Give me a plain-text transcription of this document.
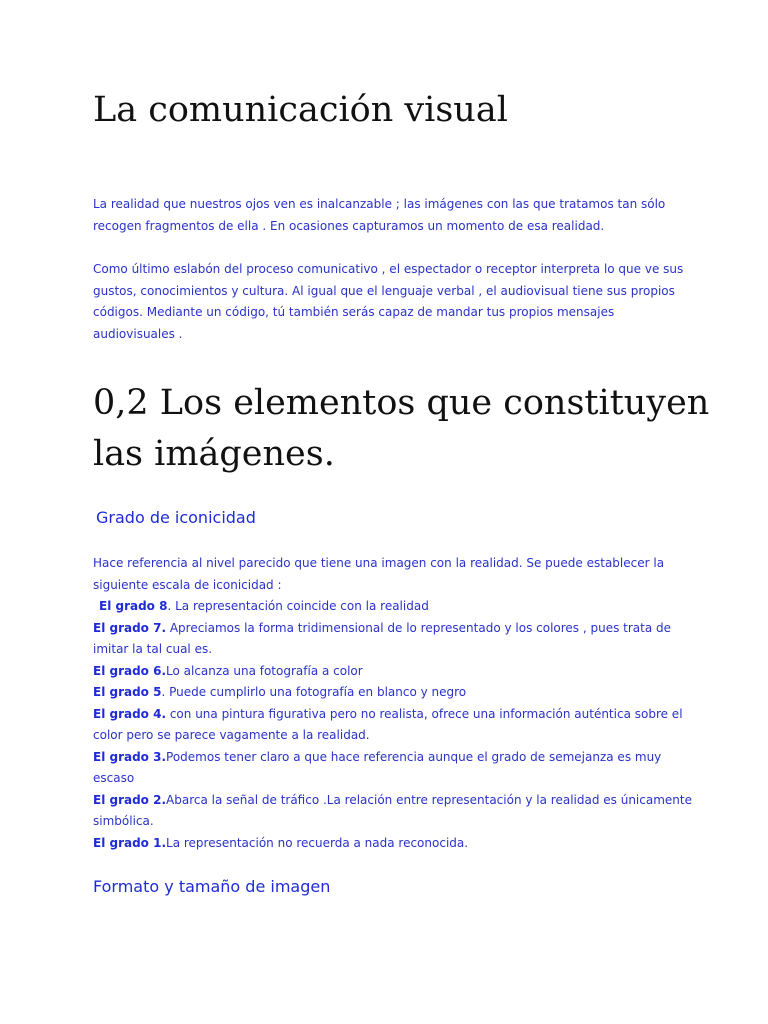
La comunicación visual

La realidad que nuestros ojos ven es inalcanzable ; las imágenes con las que tratamos tan sólo recogen fragmentos de ella . En ocasiones capturamos un momento de esa realidad.

Como último eslabón del proceso comunicativo , el espectador o receptor interpreta lo que ve sus gustos, conocimientos y cultura. Al igual que el lenguaje verbal , el audiovisual tiene sus propios códigos. Mediante un código, tú también serás capaz de mandar tus propios mensajes audiovisuales .

0,2 Los elementos que constituyen las imágenes.
Grado de iconicidad

Hace referencia al nivel parecido que tiene una imagen con la realidad. Se puede establecer la siguiente escala de iconicidad :

El grado 8. La representación coincide con la realidad
El grado 7. Apreciamos la forma tridimensional de lo representado y los colores , pues trata de imitar la tal cual es.
El grado 6.Lo alcanza una fotografía a color
El grado 5. Puede cumplirlo una fotografía en blanco y negro
El grado 4. con una pintura figurativa pero no realista, ofrece una información auténtica sobre el color pero se parece vagamente a la realidad.
El grado 3.Podemos tener claro a que hace referencia aunque el grado de semejanza es muy escaso
El grado 2.Abarca la señal de tráfico .La relación entre representación y la realidad es únicamente simbólica.
El grado 1.La representación no recuerda a nada reconocida.
Formato y tamaño de imagen
